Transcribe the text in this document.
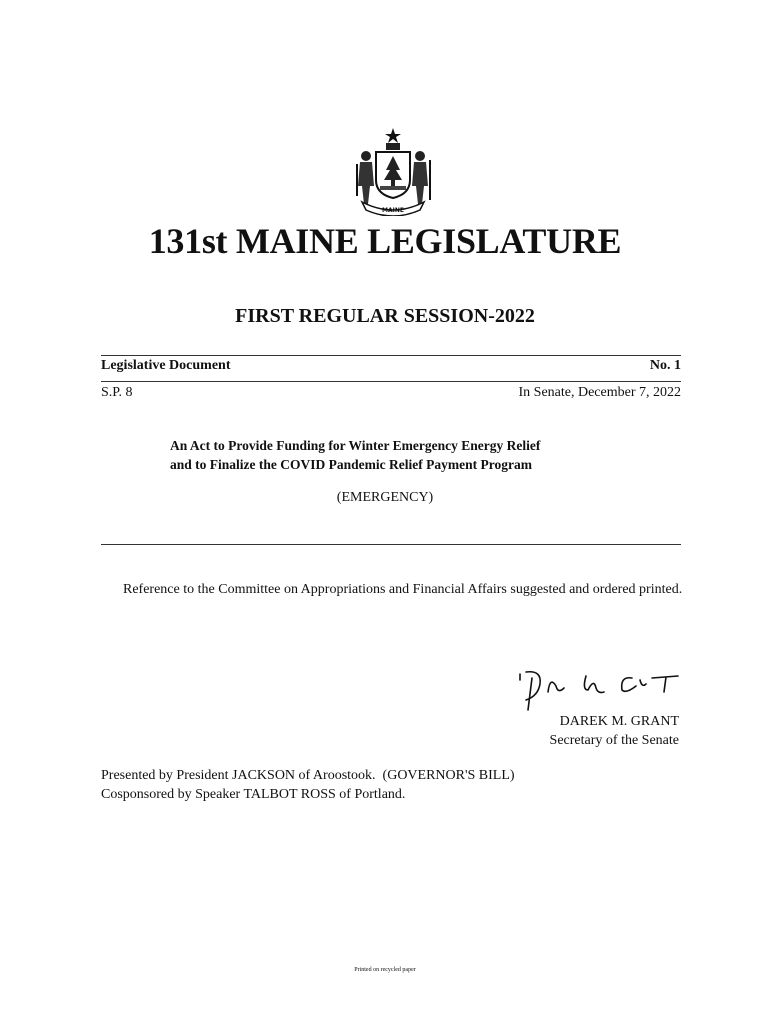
MAINE
131st MAINE LEGISLATURE
FIRST REGULAR SESSION-2022
Legislative Document	No. 1
S.P. 8	In Senate, December 7, 2022
An Act to Provide Funding for Winter Emergency Energy Relief
and to Finalize the COVID Pandemic Relief Payment Program
(EMERGENCY)
Reference to the Committee on Appropriations and Financial Affairs suggested and ordered printed.
DAREK M. GRANT
Secretary of the Senate
Presented by President JACKSON of Aroostook.  (GOVERNOR'S BILL)
Cosponsored by Speaker TALBOT ROSS of Portland.
Printed on recycled paper
